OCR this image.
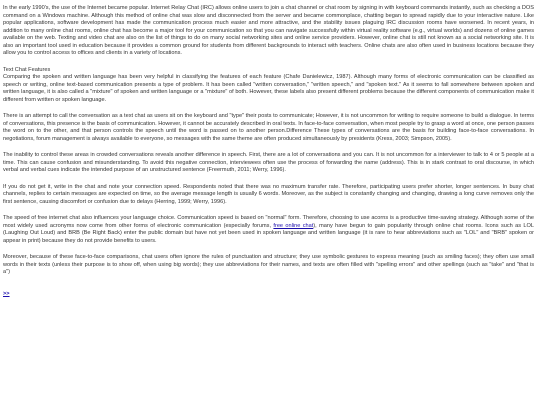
In the early 1990's, the use of the Internet became popular. Internet Relay Chat (IRC) allows online users to join a chat channel or chat room by signing in with keyboard commands instantly, such as checking a DOS command on a Windows machine. Although this method of online chat was slow and disconnected from the server and became commonplace, chatting began to spread rapidly due to your interactive nature. Like popular applications, software development has made the communication process much easier and more attractive, and the stability issues plaguing IRC discussion rooms have worsened. In recent years, in addition to many online chat rooms, online chat has become a major tool for your communication so that you can navigate successfully within virtual reality software (e.g., virtual worlds) and dozens of online games available on the web. Texting and video chat are also on the list of things to do on many social networking sites and online service providers. However, online chat is still not known as a social networking site. It is also an important tool used in education because it provides a common ground for students from different backgrounds to interact with teachers. Online chats are also often used in business locations because they allow you to control access to offices and clients in a variety of locations.

Text Chat Features
Comparing the spoken and written language has been very helpful in classifying the features of each feature (Chafe Danielewicz, 1987). Although many forms of electronic communication can be classified as speech or writing, online text-based communication presents a type of problem. It has been called "written conversation," "written speech," and "spoken text." As it seems to fall somewhere between spoken and written language, it is also called a "mixture" of spoken and written language or a "mixture" of both. However, these labels also present different problems because the different components of communication make it different from written or spoken language.

There is an attempt to call the conversation as a text chat as users sit on the keyboard and "type" their posts to communicate; However, it is not uncommon for writing to require someone to build a dialogue. In terms of conversations, this presence is the basis of communication. However, it cannot be accurately described in oral texts. In face-to-face conversation, when most people try to grasp a word at once, one person passes the word on to the other, and that person controls the speech until the word is passed on to another person.Difference These types of conversations are the basis for building face-to-face conversations. In negotiations, forum management is always available to everyone, so messages with the same theme are often produced simultaneously by presidents (Kress, 2003; Simpson, 2005).

The inability to control these areas in crowded conversations reveals another difference in speech. First, there are a lot of conversations and you can. It is not uncommon for a interviewer to talk to 4 or 5 people at a time. This can cause confusion and misunderstanding. To avoid this negative connection, interviewees often use the process of forwarding the name (address). This is in stark contrast to oral discourse, in which verbal and verbal cues indicate the intended purpose of an unstructured sentence (Freermuth, 2011; Werry, 1996).

If you do not get it, write in the chat and note your connection speed. Respondents noted that there was no maximum transfer rate. Therefore, participating users prefer shorter, longer sentences. In busy chat channels, replies to certain messages are expected on time, so the average message length is usually 6 words. Moreover, as the subject is constantly changing and changing, drawing a long curve removes only the first sentence, causing discomfort or confusion due to delays (Herring, 1999; Werry, 1996).

The speed of free internet chat also influences your language choice. Communication speed is based on "normal" form. Therefore, choosing to use acorns is a productive time-saving strategy. Although some of the most widely used acronyms now come from other forms of electronic communication (especially forums, free online chat), many have begun to gain popularity through online chat rooms. Icons such as LOL (Laughing Out Loud) and BRB (Be Right Back) enter the public domain but have not yet been used in spoken language and written language (it is rare to hear abbreviations such as "LOL" and "BRB" spoken or appear in print) because they do not provide benefits to users.

Moreover, because of these face-to-face comparisons, chat users often ignore the rules of punctuation and structure; they use symbolic gestures to express meaning (such as smiling faces); they often use small words in their texts (unless their purpose is to show off, when using big words); they use abbreviations for their names, and texts are often filled with "spelling errors" and other spellings (such as "take" and "that is a")

>>
